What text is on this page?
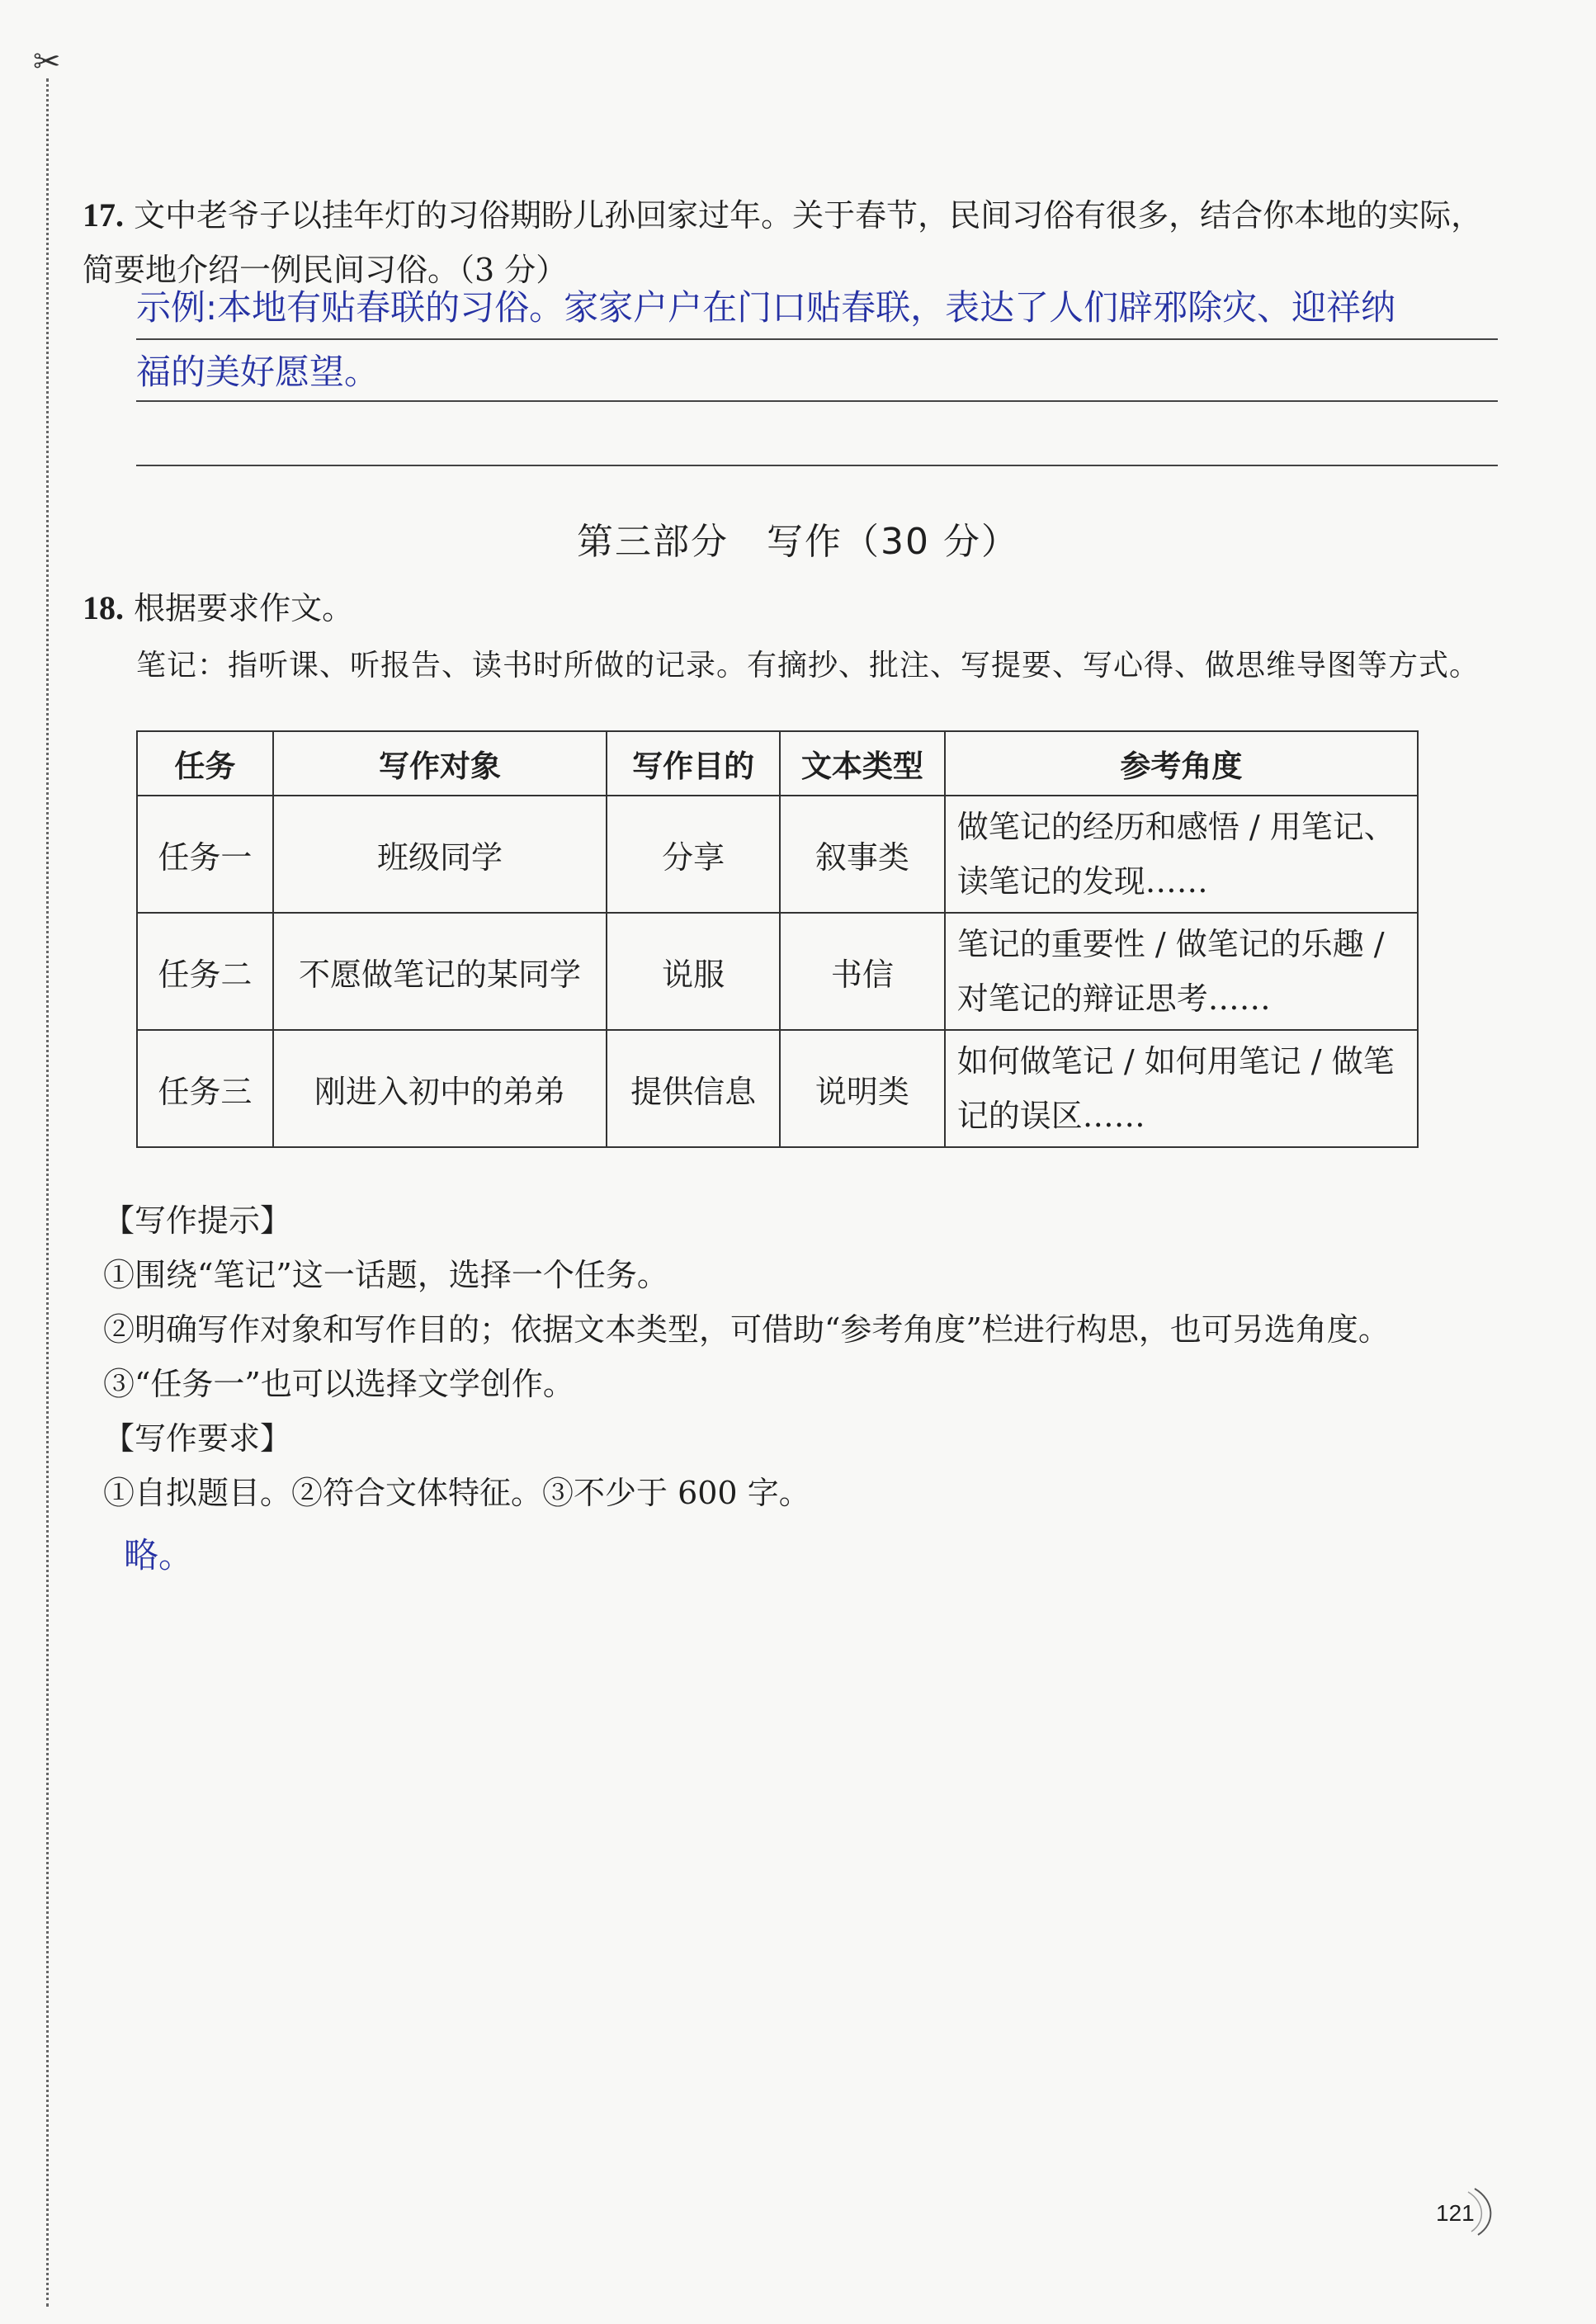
✂
17. 文中老爷子以挂年灯的习俗期盼儿孙回家过年。关于春节，民间习俗有很多，结合你本地的实际，简要地介绍一例民间习俗。（3 分）
示例:本地有贴春联的习俗。家家户户在门口贴春联，表达了人们辟邪除灾、迎祥纳
福的美好愿望。
第三部分　写作（30 分）
18. 根据要求作文。
笔记：指听课、听报告、读书时所做的记录。有摘抄、批注、写提要、写心得、做思维导图等方式。
任务	写作对象	写作目的	文本类型	参考角度
任务一	班级同学	分享	叙事类	做笔记的经历和感悟 / 用笔记、读笔记的发现……
任务二	不愿做笔记的某同学	说服	书信	笔记的重要性 / 做笔记的乐趣 / 对笔记的辩证思考……
任务三	刚进入初中的弟弟	提供信息	说明类	如何做笔记 / 如何用笔记 / 做笔记的误区……
【写作提示】
①围绕“笔记”这一话题，选择一个任务。
②明确写作对象和写作目的；依据文本类型，可借助“参考角度”栏进行构思，也可另选角度。
③“任务一”也可以选择文学创作。
【写作要求】
①自拟题目。②符合文体特征。③不少于 600 字。
略。
121
